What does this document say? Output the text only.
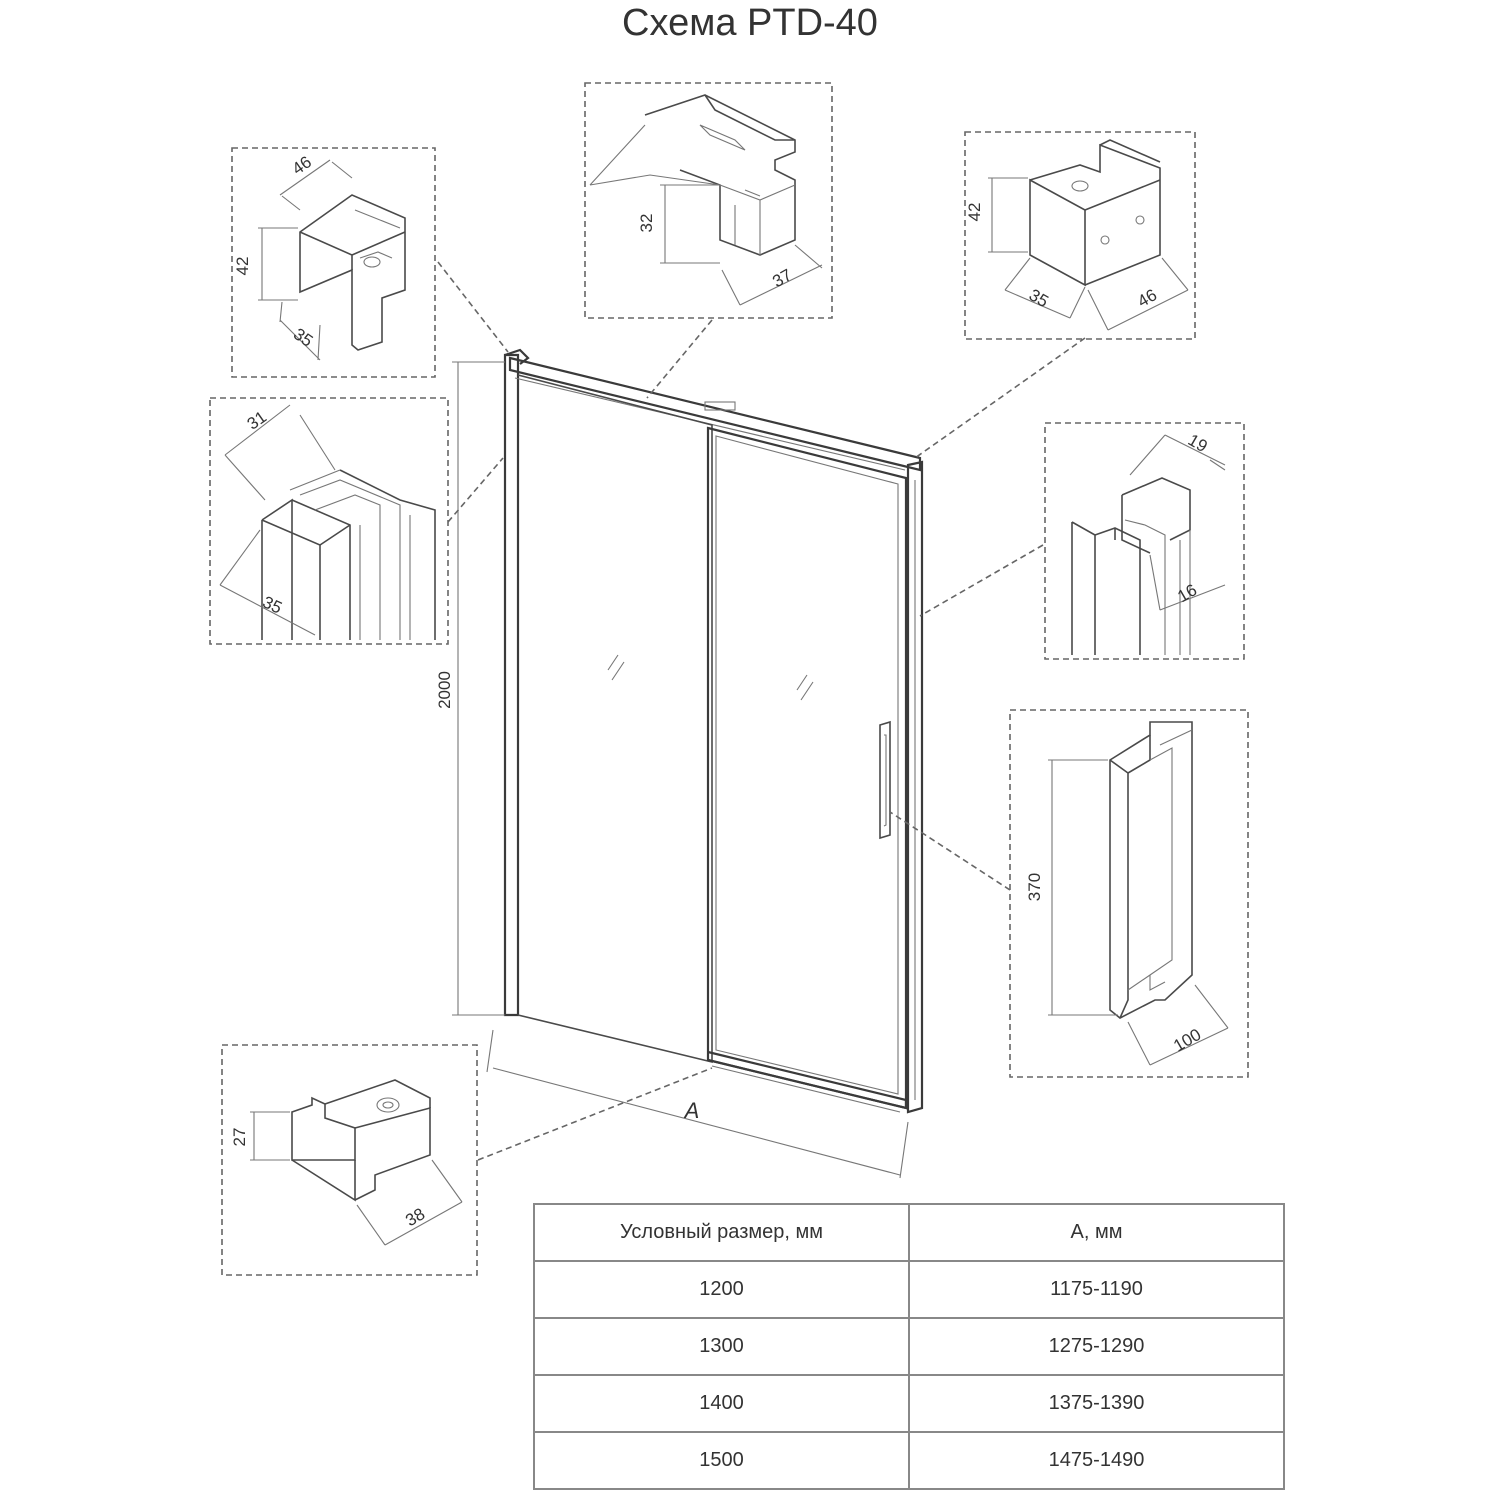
Схема PTD-40
2000
A
46
42
35
32
37
42
35	46
31
35
19
16
370
100
27
38
Условный размер, мм	А, мм
1200	1175-1190
1300	1275-1290
1400	1375-1390
1500	1475-1490
